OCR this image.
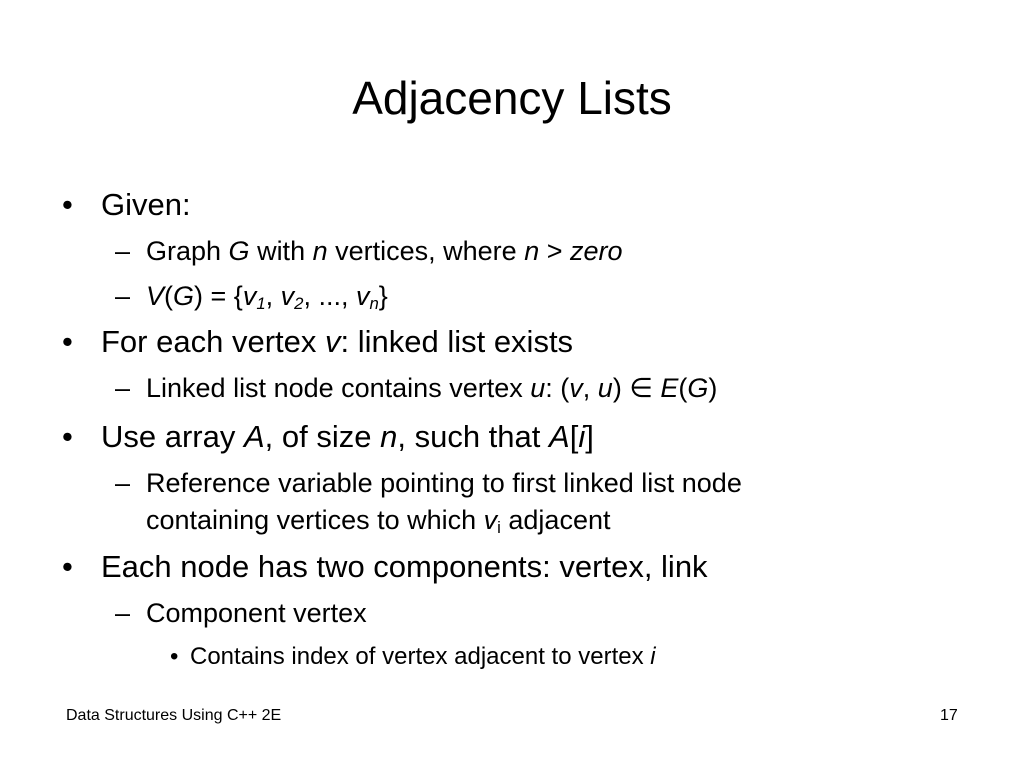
Adjacency Lists
• Given:
– Graph G with n vertices, where n > zero
– $V(G) = \{v_1$, $v_2$, ..., $v_n$}
• For each vertex v: linked list exists
– Linked list node contains vertex u: (v, u) ∈ E(G)
• Use array A, of size n, such that A[i]
– Reference variable pointing to first linked list node
containing vertices to which $v_i$ adjacent
• Each node has two components: vertex, link
– Component vertex
• Contains index of vertex adjacent to vertex i
Data Structures Using C++ 2E	17
